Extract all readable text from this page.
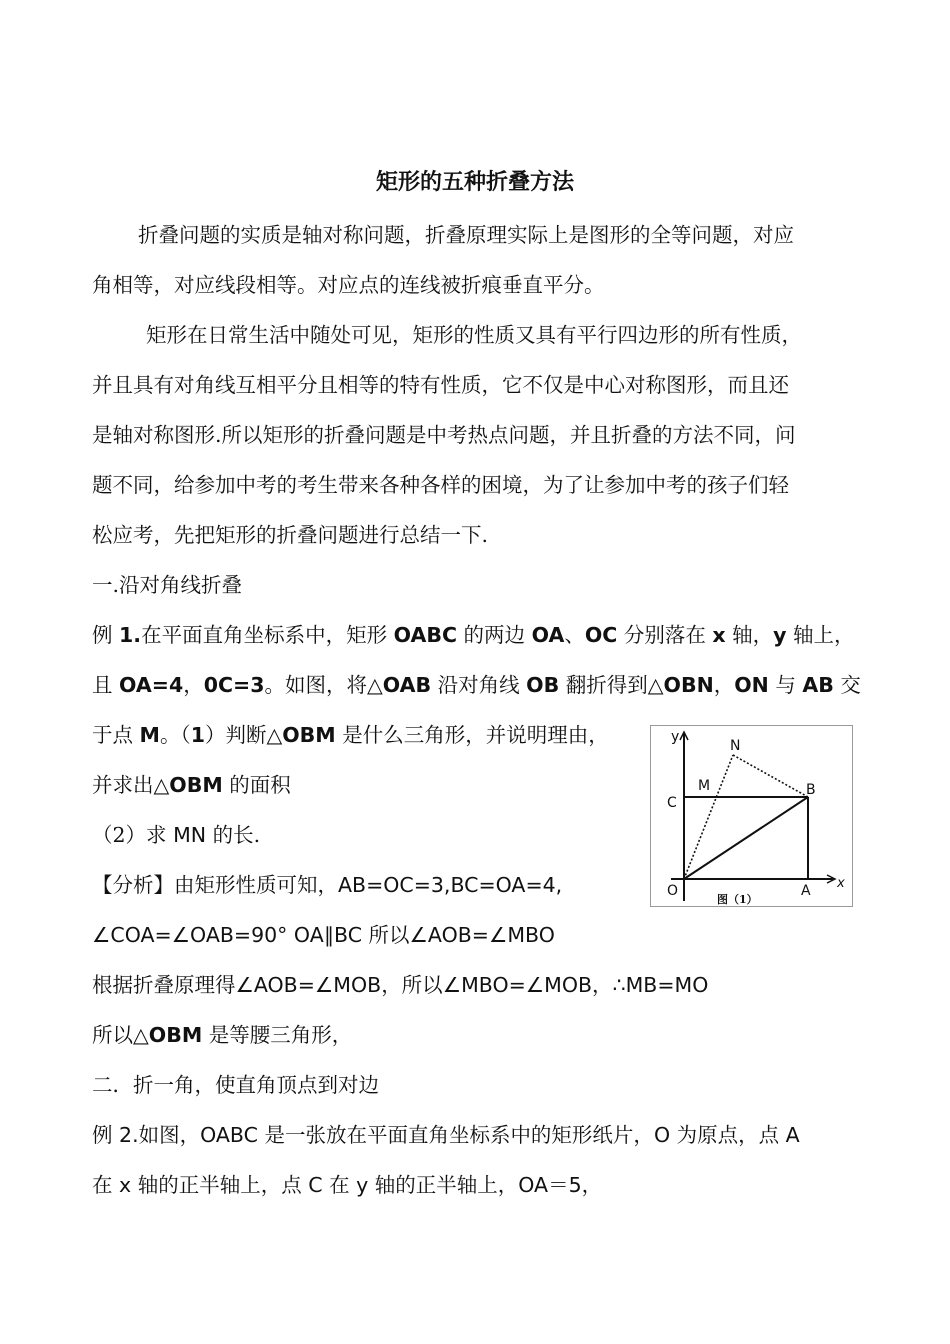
矩形的五种折叠方法
折叠问题的实质是轴对称问题，折叠原理实际上是图形的全等问题，对应
角相等，对应线段相等。对应点的连线被折痕垂直平分。
矩形在日常生活中随处可见，矩形的性质又具有平行四边形的所有性质，
并且具有对角线互相平分且相等的特有性质，它不仅是中心对称图形，而且还
是轴对称图形.所以矩形的折叠问题是中考热点问题，并且折叠的方法不同，问
题不同，给参加中考的考生带来各种各样的困境，为了让参加中考的孩子们轻
松应考，先把矩形的折叠问题进行总结一下.
一.沿对角线折叠
例 1.在平面直角坐标系中，矩形 OABC 的两边 OA、OC 分别落在 x 轴，y 轴上，
且 OA=4，0C=3。如图，将△OAB 沿对角线 OB 翻折得到△OBN，ON 与 AB 交
于点 M。（1）判断△OBM 是什么三角形，并说明理由，
并求出△OBM 的面积
（2）求 MN 的长.
【分析】由矩形性质可知，AB=OC=3,BC=OA=4,
∠COA=∠OAB=90° OA∥BC 所以∠AOB=∠MBO
根据折叠原理得∠AOB=∠MOB，所以∠MBO=∠MOB，∴MB=MO
所以△OBM 是等腰三角形，
二．折一角，使直角顶点到对边
例 2.如图，OABC 是一张放在平面直角坐标系中的矩形纸片，O 为原点，点 A
在 x 轴的正半轴上，点 C 在 y 轴的正半轴上，OA＝5，
y
N
M	B
C
O	A x
图（1）
